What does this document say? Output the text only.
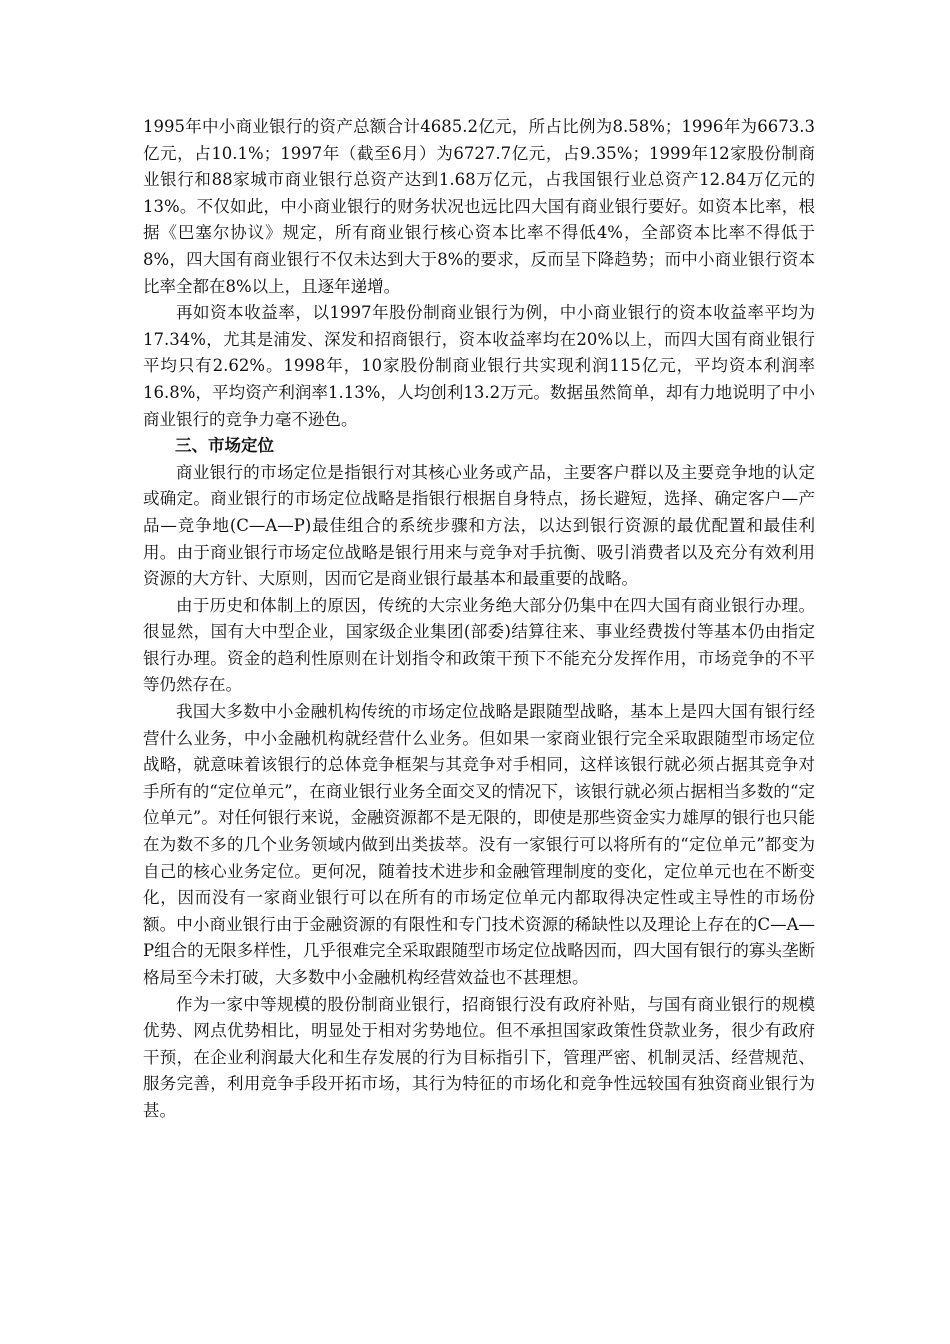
1995年中小商业银行的资产总额合计4685.2亿元，所占比例为8.58%；1996年为6673.3亿元，占10.1%；1997年（截至6月）为6727.7亿元，占9.35%；1999年12家股份制商业银行和88家城市商业银行总资产达到1.68万亿元，占我国银行业总资产12.84万亿元的13%。不仅如此，中小商业银行的财务状况也远比四大国有商业银行要好。如资本比率，根据《巴塞尔协议》规定，所有商业银行核心资本比率不得低4%，全部资本比率不得低于8%，四大国有商业银行不仅未达到大于8%的要求，反而呈下降趋势；而中小商业银行资本比率全都在8%以上，且逐年递增。

再如资本收益率，以1997年股份制商业银行为例，中小商业银行的资本收益率平均为17.34%，尤其是浦发、深发和招商银行，资本收益率均在20%以上，而四大国有商业银行平均只有2.62%。1998年，10家股份制商业银行共实现利润115亿元，平均资本利润率16.8%，平均资产利润率1.13%，人均创利13.2万元。数据虽然简单，却有力地说明了中小商业银行的竞争力毫不逊色。

三、市场定位

商业银行的市场定位是指银行对其核心业务或产品，主要客户群以及主要竞争地的认定或确定。商业银行的市场定位战略是指银行根据自身特点，扬长避短，选择、确定客户—产品—竞争地(C—A—P)最佳组合的系统步骤和方法，以达到银行资源的最优配置和最佳利用。由于商业银行市场定位战略是银行用来与竞争对手抗衡、吸引消费者以及充分有效利用资源的大方针、大原则，因而它是商业银行最基本和最重要的战略。

由于历史和体制上的原因，传统的大宗业务绝大部分仍集中在四大国有商业银行办理。很显然，国有大中型企业，国家级企业集团(部委)结算往来、事业经费拨付等基本仍由指定银行办理。资金的趋利性原则在计划指令和政策干预下不能充分发挥作用，市场竞争的不平等仍然存在。

我国大多数中小金融机构传统的市场定位战略是跟随型战略，基本上是四大国有银行经营什么业务，中小金融机构就经营什么业务。但如果一家商业银行完全采取跟随型市场定位战略，就意味着该银行的总体竞争框架与其竞争对手相同，这样该银行就必须占据其竞争对手所有的“定位单元”，在商业银行业务全面交叉的情况下，该银行就必须占据相当多数的“定位单元”。对任何银行来说，金融资源都不是无限的，即使是那些资金实力雄厚的银行也只能在为数不多的几个业务领域内做到出类拔萃。没有一家银行可以将所有的“定位单元”都变为自己的核心业务定位。更何况，随着技术进步和金融管理制度的变化，定位单元也在不断变化，因而没有一家商业银行可以在所有的市场定位单元内都取得决定性或主导性的市场份额。中小商业银行由于金融资源的有限性和专门技术资源的稀缺性以及理论上存在的C—A—P组合的无限多样性，几乎很难完全采取跟随型市场定位战略因而，四大国有银行的寡头垄断格局至今未打破，大多数中小金融机构经营效益也不甚理想。

作为一家中等规模的股份制商业银行，招商银行没有政府补贴，与国有商业银行的规模优势、网点优势相比，明显处于相对劣势地位。但不承担国家政策性贷款业务，很少有政府干预，在企业利润最大化和生存发展的行为目标指引下，管理严密、机制灵活、经营规范、服务完善，利用竞争手段开拓市场，其行为特征的市场化和竞争性远较国有独资商业银行为甚。
